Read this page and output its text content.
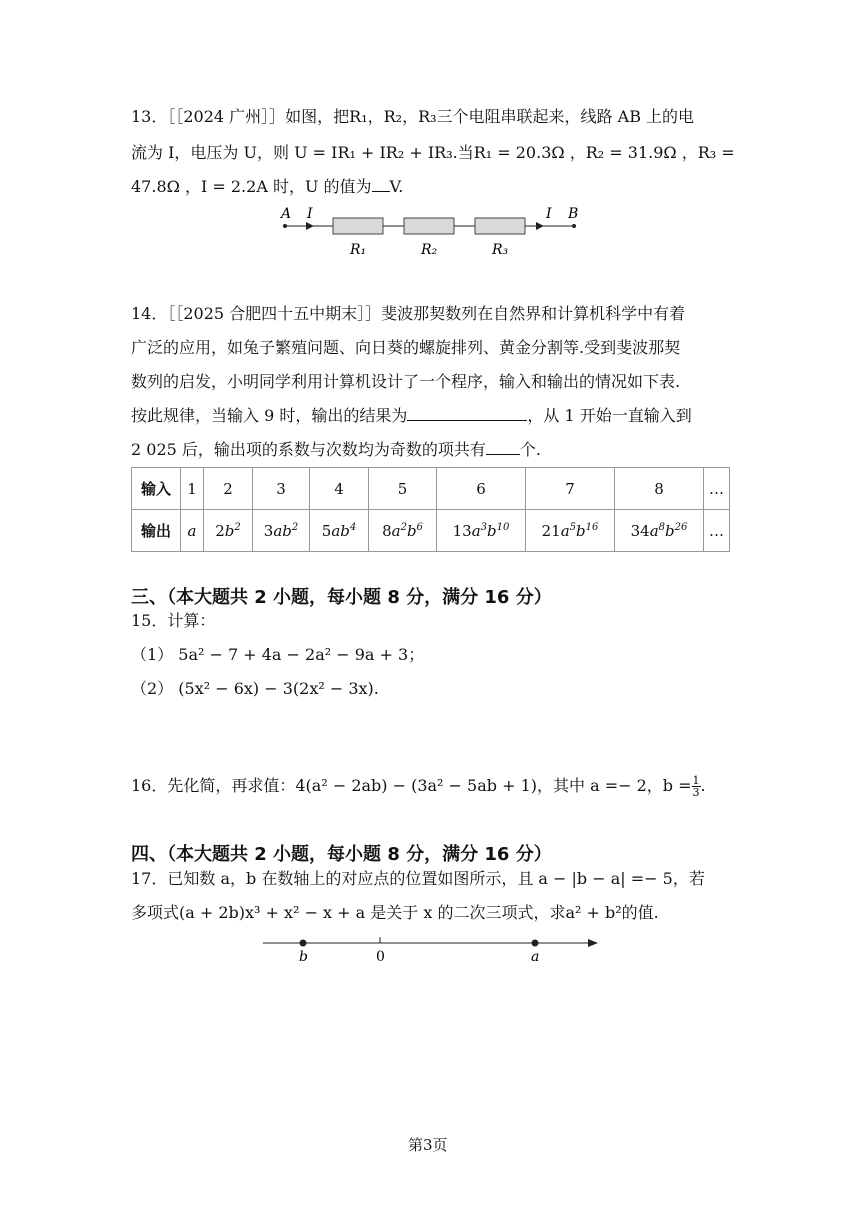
13．［［2024 广州］］如图，把R₁，R₂，R₃三个电阻串联起来，线路 AB 上的电
流为 I，电压为 U，则 U = IR₁ + IR₂ + IR₃.当R₁ = 20.3Ω ，R₂ = 31.9Ω ，R₃ =
47.8Ω ，I = 2.2A 时，U 的值为 V.
A I	I B
R₁	R₂	R₃
14．［［2025 合肥四十五中期末］］斐波那契数列在自然界和计算机科学中有着
广泛的应用，如兔子繁殖问题、向日葵的螺旋排列、黄金分割等.受到斐波那契
数列的启发，小明同学利用计算机设计了一个程序，输入和输出的情况如下表.
按此规律，当输入 9 时，输出的结果为	，从 1 开始一直输入到
2 025 后，输出项的系数与次数均为奇数的项共有 个.
输入	1	2	3	4	5	6	7	8	…
输出	a	$2b^2$	$3ab^2$	$5ab^4$	$8a^2b^6$	$13a^3b^{10}$	$21a^5b^{16}$	$34a^8b^{26}$	…
三、（本大题共 2 小题，每小题 8 分，满分 16 分）
15．计算：
（1） 5a² − 7 + 4a − 2a² − 9a + 3；
（2） (5x² − 6x) − 3(2x² − 3x).
16．先化简，再求值：4(a² − 2ab) − (3a² − 5ab + 1)，其中 a =− 2，$b = \frac{1}{3}$ .
四、（本大题共 2 小题，每小题 8 分，满分 16 分）
17．已知数 a，b 在数轴上的对应点的位置如图所示，且 a − |b − a| =− 5，若
多项式(a + 2b)x³ + x² − x + a 是关于 x 的二次三项式，求a² + b²的值.
b	0	a
第3页
